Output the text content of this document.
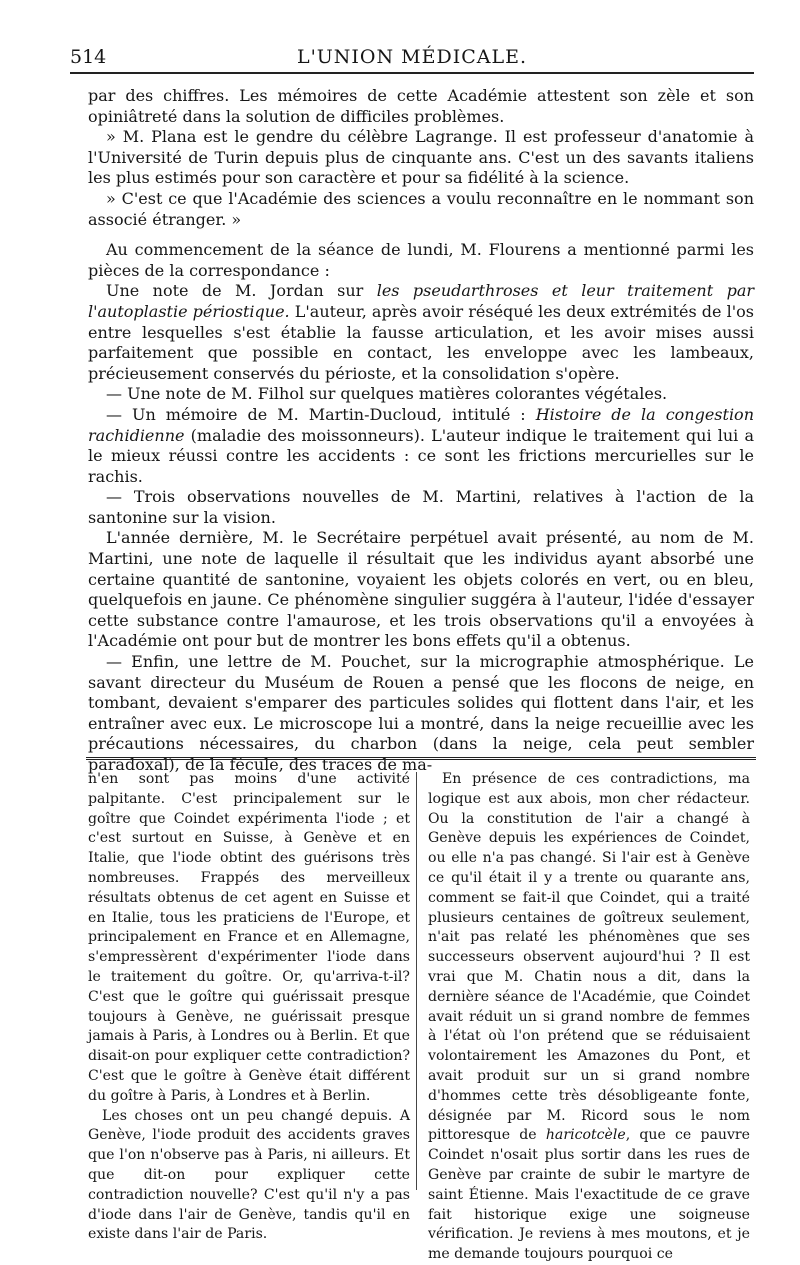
514	L'UNION MÉDICALE.

par des chiffres. Les mémoires de cette Académie attestent son zèle et son opiniâtreté dans la solution de difficiles problèmes.

» M. Plana est le gendre du célèbre Lagrange. Il est professeur d'anatomie à l'Université de Turin depuis plus de cinquante ans. C'est un des savants italiens les plus estimés pour son caractère et pour sa fidélité à la science.

» C'est ce que l'Académie des sciences a voulu reconnaître en le nommant son associé étranger. »

Au commencement de la séance de lundi, M. Flourens a mentionné parmi les pièces de la correspondance :

Une note de M. Jordan sur les pseudarthroses et leur traitement par l'autoplastie périostique. L'auteur, après avoir réséqué les deux extrémités de l'os entre lesquelles s'est établie la fausse articulation, et les avoir mises aussi parfaitement que possible en contact, les enveloppe avec les lambeaux, précieusement conservés du périoste, et la consolidation s'opère.

— Une note de M. Filhol sur quelques matières colorantes végétales.

— Un mémoire de M. Martin-Ducloud, intitulé : Histoire de la congestion rachidienne (maladie des moissonneurs). L'auteur indique le traitement qui lui a le mieux réussi contre les accidents : ce sont les frictions mercurielles sur le rachis.

— Trois observations nouvelles de M. Martini, relatives à l'action de la santonine sur la vision.

L'année dernière, M. le Secrétaire perpétuel avait présenté, au nom de M. Martini, une note de laquelle il résultait que les individus ayant absorbé une certaine quantité de santonine, voyaient les objets colorés en vert, ou en bleu, quelquefois en jaune. Ce phénomène singulier suggéra à l'auteur, l'idée d'essayer cette substance contre l'amaurose, et les trois observations qu'il a envoyées à l'Académie ont pour but de montrer les bons effets qu'il a obtenus.

— Enfin, une lettre de M. Pouchet, sur la micrographie atmosphérique. Le savant directeur du Muséum de Rouen a pensé que les flocons de neige, en tombant, devaient s'emparer des particules solides qui flottent dans l'air, et les entraîner avec eux. Le microscope lui a montré, dans la neige recueillie avec les précautions nécessaires, du charbon (dans la neige, cela peut sembler paradoxal), de la fécule, des traces de ma-

n'en sont pas moins d'une activité palpitante. C'est principalement sur le goître que Coindet expérimenta l'iode ; et c'est surtout en Suisse, à Genève et en Italie, que l'iode obtint des guérisons très nombreuses. Frappés des merveilleux résultats obtenus de cet agent en Suisse et en Italie, tous les praticiens de l'Europe, et principalement en France et en Allemagne, s'empressèrent d'expérimenter l'iode dans le traitement du goître. Or, qu'arriva-t-il? C'est que le goître qui guérissait presque toujours à Genève, ne guérissait presque jamais à Paris, à Londres ou à Berlin. Et que disait-on pour expliquer cette contradiction? C'est que le goître à Genève était différent du goître à Paris, à Londres et à Berlin.

Les choses ont un peu changé depuis. A Genève, l'iode produit des accidents graves que l'on n'observe pas à Paris, ni ailleurs. Et que dit-on pour expliquer cette contradiction nouvelle? C'est qu'il n'y a pas d'iode dans l'air de Genève, tandis qu'il en existe dans l'air de Paris.

En présence de ces contradictions, ma logique est aux abois, mon cher rédacteur. Ou la constitution de l'air a changé à Genève depuis les expériences de Coindet, ou elle n'a pas changé. Si l'air est à Genève ce qu'il était il y a trente ou quarante ans, comment se fait-il que Coindet, qui a traité plusieurs centaines de goîtreux seulement, n'ait pas relaté les phénomènes que ses successeurs observent aujourd'hui ? Il est vrai que M. Chatin nous a dit, dans la dernière séance de l'Académie, que Coindet avait réduit un si grand nombre de femmes à l'état où l'on prétend que se réduisaient volontairement les Amazones du Pont, et avait produit sur un si grand nombre d'hommes cette très désobligeante fonte, désignée par M. Ricord sous le nom pittoresque de haricotcèle, que ce pauvre Coindet n'osait plus sortir dans les rues de Genève par crainte de subir le martyre de saint Étienne. Mais l'exactitude de ce grave fait historique exige une soigneuse vérification. Je reviens à mes moutons, et je me demande toujours pourquoi ce
